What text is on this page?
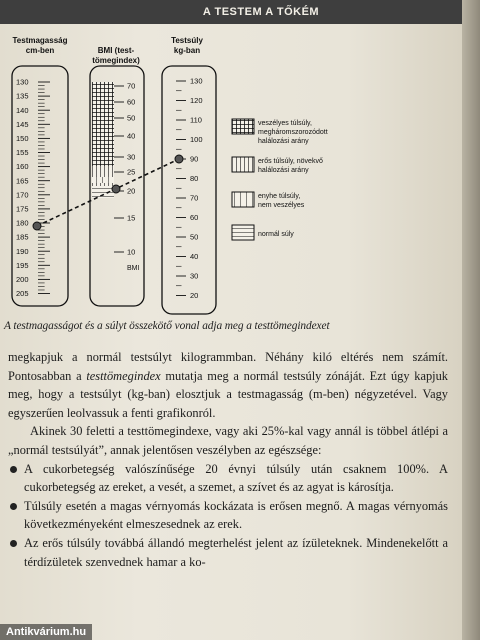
A TESTEM A TŐKÉM
Testmagasság
cm-ben	BMI (test-
tömegindex)
Testsúly
kg-ban
130
135
140
145
150
155
160
165
170
175
180
185
190
195
200
205
70
60
50
40
30
25
20
15
10
130
120
110
100
90
80
70
60
50
40
30
20
BMI
veszélyes túlsúly,
megháromszorozódott
halálozási arány
erős túlsúly, növekvő
halálozási arány
enyhe túlsúly,
nem veszélyes
normál súly
A testmagasságot és a súlyt összekötő vonal adja meg a testtömegindexet

megkapjuk a normál testsúlyt kilogrammban. Néhány kiló eltérés nem számít. Pontosabban a testtömegindex mutatja meg a normál testsúly zónáját. Ezt úgy kapjuk meg, hogy a testsúlyt (kg-ban) elosztjuk a testmagasság (m-ben) négyzetével. Vagy egyszerűen leolvassuk a fenti grafikonról.

Akinek 30 feletti a testtömegindexe, vagy aki 25%-kal vagy annál is többel átlépi a „normál testsúlyát”, annak jelentősen veszélyben az egészsége:

A cukorbetegség valószínűsége 20 évnyi túlsúly után csaknem 100%. A cukorbetegség az ereket, a vesét, a szemet, a szívet és az agyat is károsítja.
Túlsúly esetén a magas vérnyomás kockázata is erősen megnő. A magas vérnyomás következményeként elmeszesednek az erek.
Az erős túlsúly továbbá állandó megterhelést jelent az ízületeknek. Mindenekelőtt a térdízületek szenvednek hamar a ko-
Antikvárium.hu
